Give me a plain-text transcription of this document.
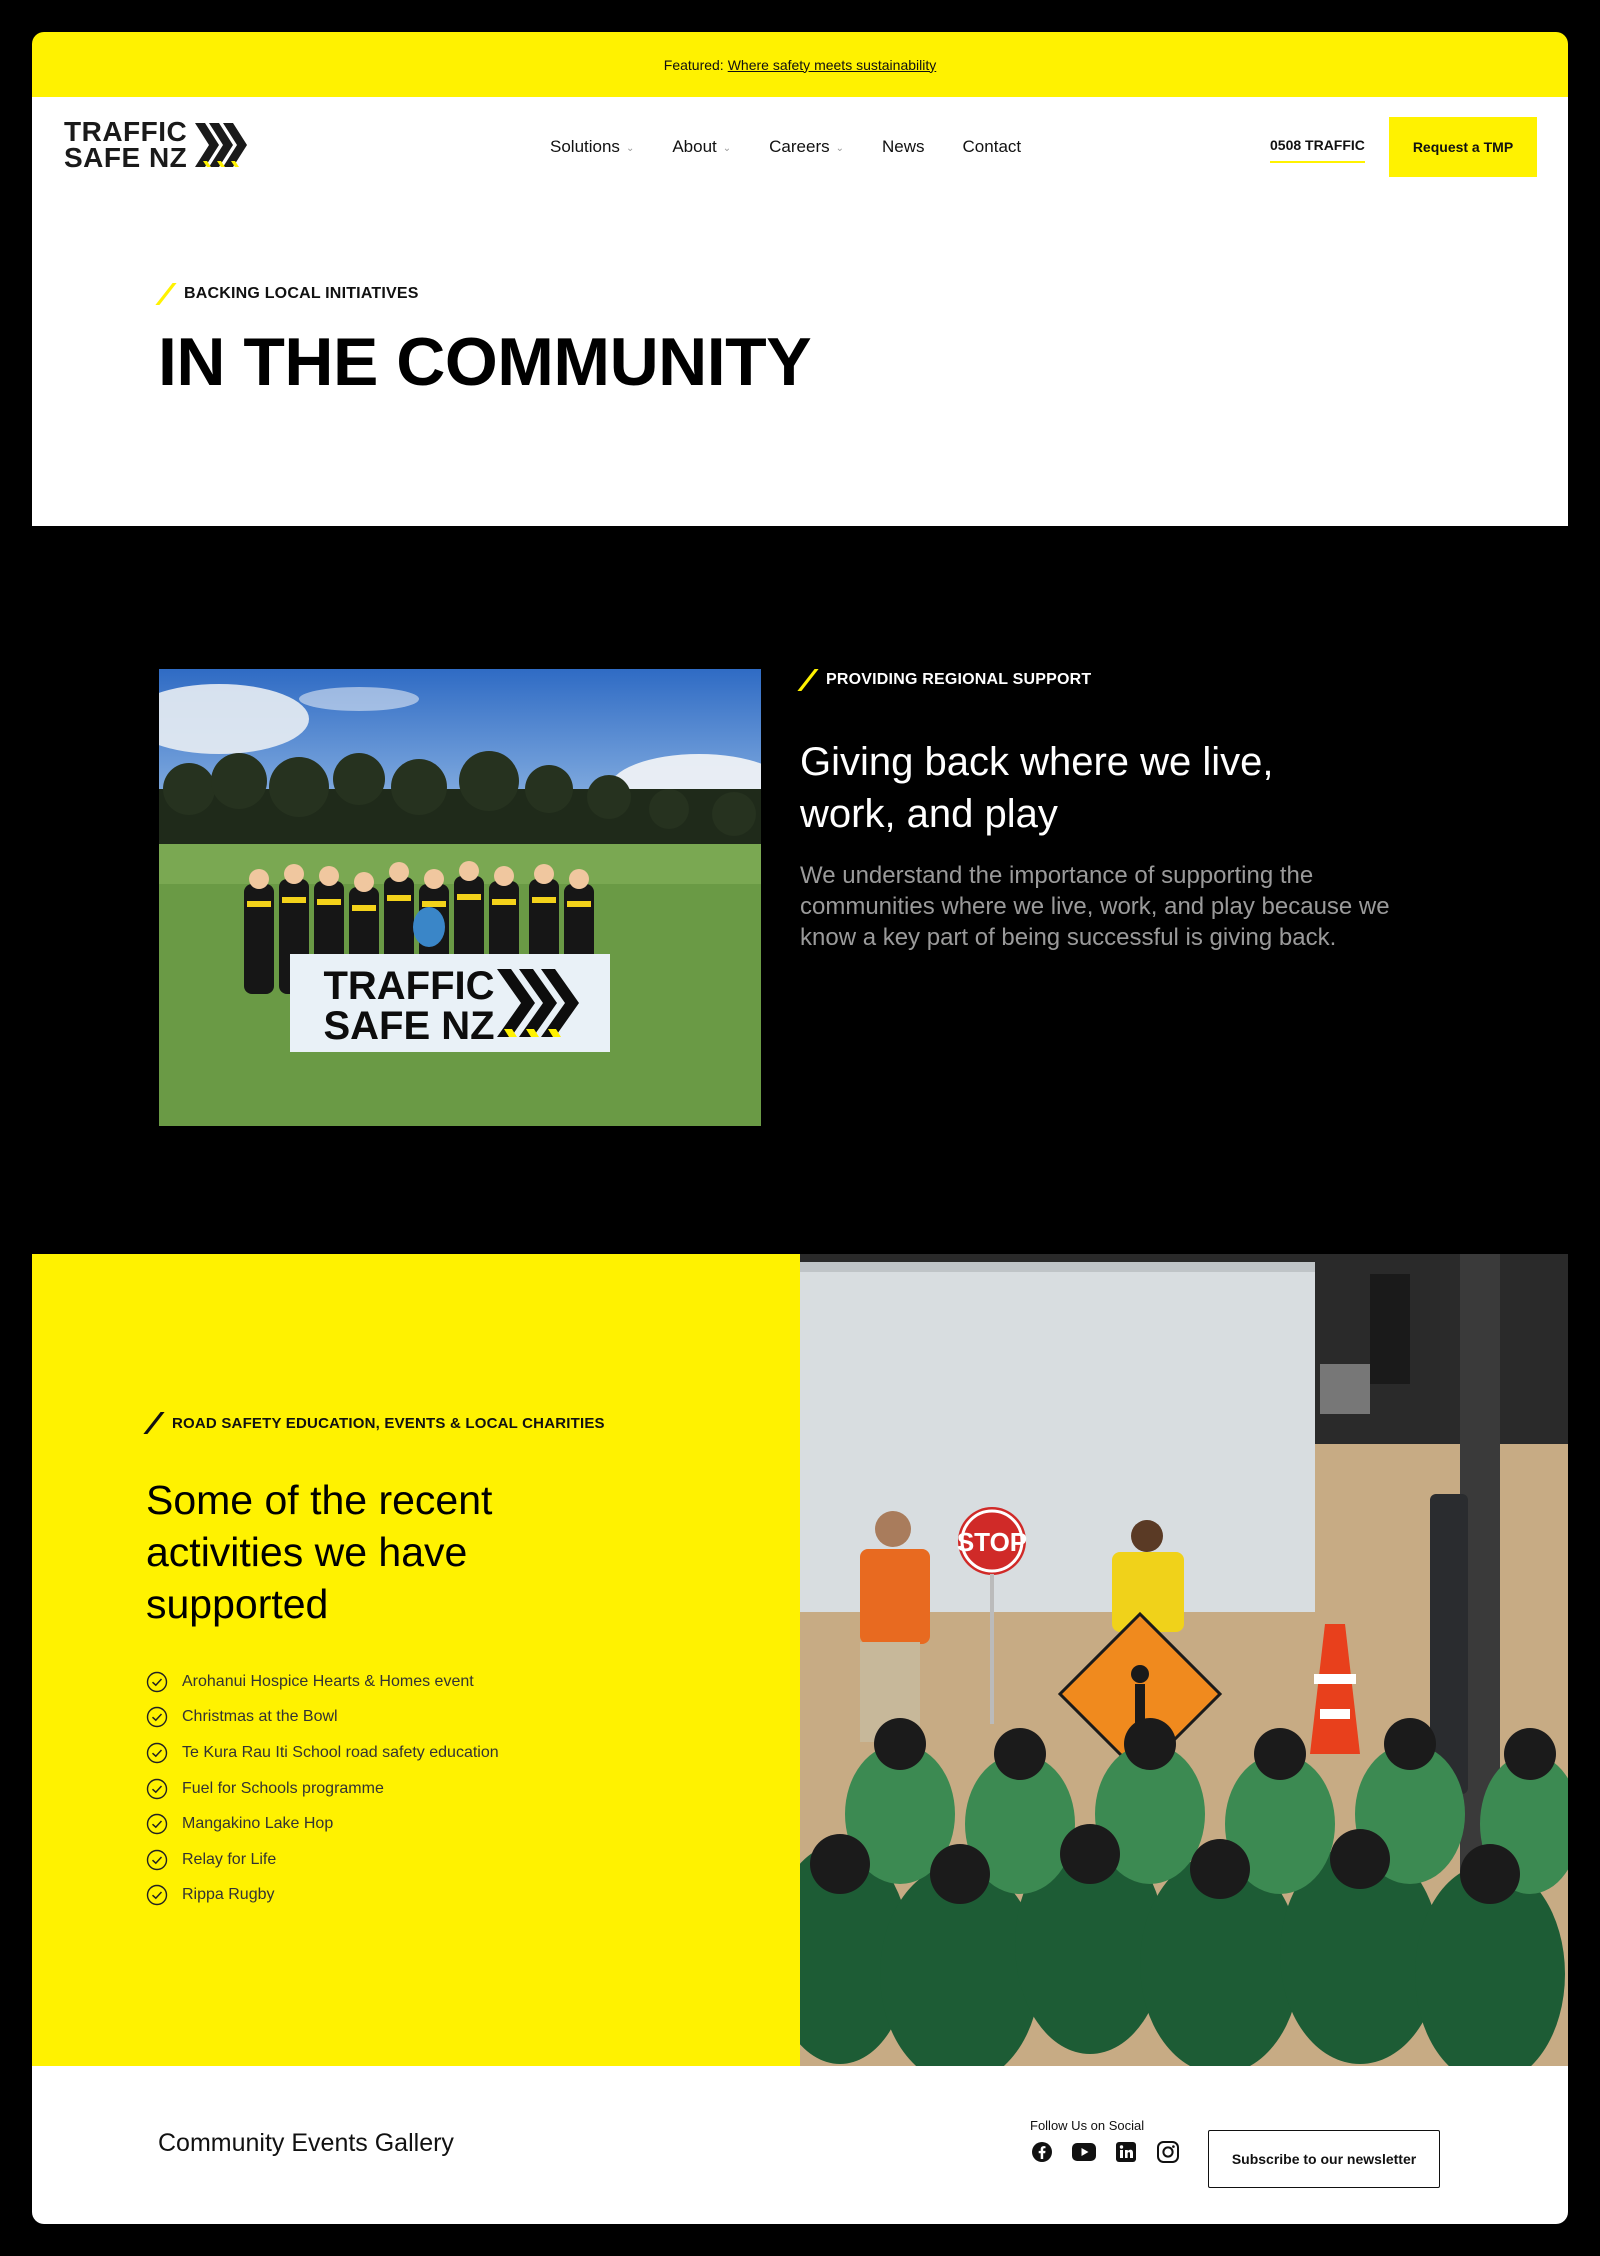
Featured: Where safety meets sustainability
TRAFFIC
SAFE NZ	Solutions ⌄ About ⌄ Careers ⌄ News Contact	0508 TRAFFIC	Request a TMP
BACKING LOCAL INITIATIVES
IN THE COMMUNITY
TRAFFIC
SAFE NZ
PROVIDING REGIONAL SUPPORT
Giving back where we live, work, and play

We understand the importance of supporting the communities where we live, work, and play because we know a key part of being successful is giving back.

ROAD SAFETY EDUCATION, EVENTS & LOCAL CHARITIES
Some of the recent activities we have supported
Arohanui Hospice Hearts & Homes event
Christmas at the Bowl
Te Kura Rau Iti School road safety education
Fuel for Schools programme
Mangakino Lake Hop
Relay for Life
Rippa Rugby
STOP
Community Events Gallery
Follow Us on Social
Subscribe to our newsletter
